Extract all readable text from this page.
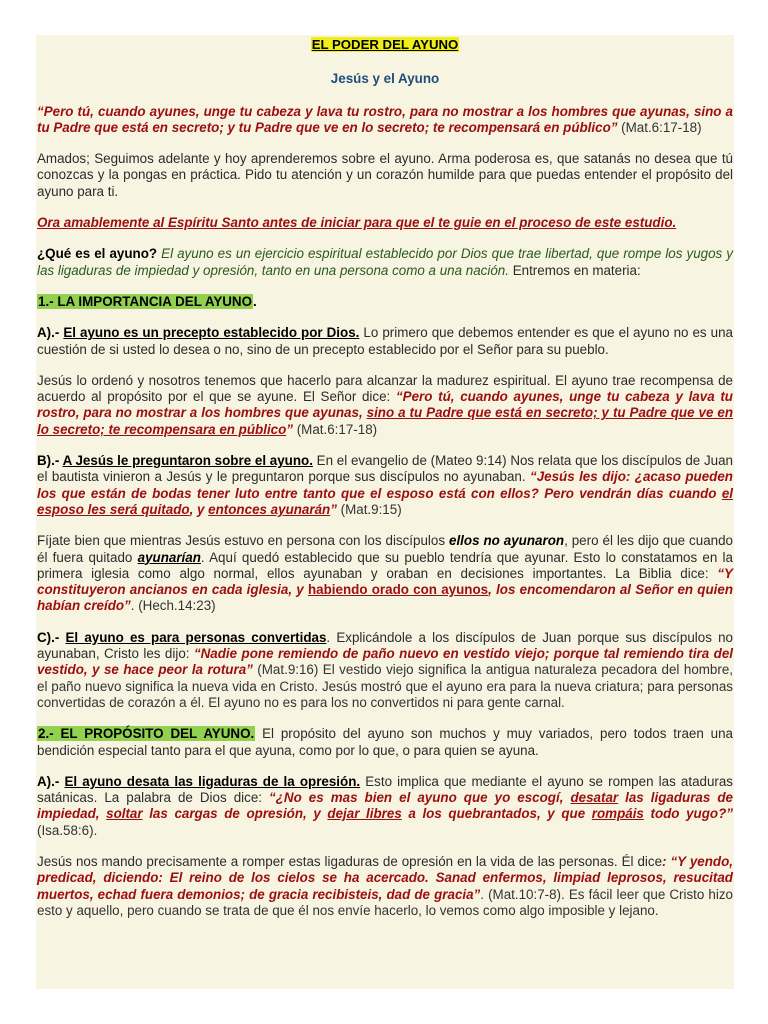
EL PODER DEL AYUNO
Jesús y el Ayuno

“Pero tú, cuando ayunes, unge tu cabeza y lava tu rostro, para no mostrar a los hombres que ayunas, sino a tu Padre que está en secreto; y tu Padre que ve en lo secreto; te recompensará en público” (Mat.6:17-18)

Amados; Seguimos adelante y hoy aprenderemos sobre el ayuno. Arma poderosa es, que satanás no desea que tú conozcas y la pongas en práctica. Pido tu atención y un corazón humilde para que puedas entender el propósito del ayuno para ti.

Ora amablemente al Espíritu Santo antes de iniciar para que el te guie en el proceso de este estudio.

¿Qué es el ayuno? El ayuno es un ejercicio espiritual establecido por Dios que trae libertad, que rompe los yugos y las ligaduras de impiedad y opresión, tanto en una persona como a una nación. Entremos en materia:

1.- LA IMPORTANCIA DEL AYUNO.

A).- El ayuno es un precepto establecido por Dios. Lo primero que debemos entender es que el ayuno no es una cuestión de si usted lo desea o no, sino de un precepto establecido por el Señor para su pueblo.

Jesús lo ordenó y nosotros tenemos que hacerlo para alcanzar la madurez espiritual. El ayuno trae recompensa de acuerdo al propósito por el que se ayune. El Señor dice: “Pero tú, cuando ayunes, unge tu cabeza y lava tu rostro, para no mostrar a los hombres que ayunas, sino a tu Padre que está en secreto; y tu Padre que ve en lo secreto; te recompensara en público” (Mat.6:17-18)

B).- A Jesús le preguntaron sobre el ayuno. En el evangelio de (Mateo 9:14) Nos relata que los discípulos de Juan el bautista vinieron a Jesús y le preguntaron porque sus discípulos no ayunaban. “Jesús les dijo: ¿acaso pueden los que están de bodas tener luto entre tanto que el esposo está con ellos? Pero vendrán días cuando el esposo les será quitado, y entonces ayunarán” (Mat.9:15)

Fíjate bien que mientras Jesús estuvo en persona con los discípulos ellos no ayunaron, pero él les dijo que cuando él fuera quitado ayunarían. Aquí quedó establecido que su pueblo tendría que ayunar. Esto lo constatamos en la primera iglesia como algo normal, ellos ayunaban y oraban en decisiones importantes. La Biblia dice: “Y constituyeron ancianos en cada iglesia, y habiendo orado con ayunos, los encomendaron al Señor en quien habían creído”. (Hech.14:23)

C).- El ayuno es para personas convertidas. Explicándole a los discípulos de Juan porque sus discípulos no ayunaban, Cristo les dijo: “Nadie pone remiendo de paño nuevo en vestido viejo; porque tal remiendo tira del vestido, y se hace peor la rotura” (Mat.9:16) El vestido viejo significa la antigua naturaleza pecadora del hombre, el paño nuevo significa la nueva vida en Cristo. Jesús mostró que el ayuno era para la nueva criatura; para personas convertidas de corazón a él. El ayuno no es para los no convertidos ni para gente carnal.

2.- EL PROPÓSITO DEL AYUNO. El propósito del ayuno son muchos y muy variados, pero todos traen una bendición especial tanto para el que ayuna, como por lo que, o para quien se ayuna.

A).- El ayuno desata las ligaduras de la opresión. Esto implica que mediante el ayuno se rompen las ataduras satánicas. La palabra de Dios dice: “¿No es mas bien el ayuno que yo escogí, desatar las ligaduras de impiedad, soltar las cargas de opresión, y dejar libres a los quebrantados, y que rompáis todo yugo?” (Isa.58:6).

Jesús nos mando precisamente a romper estas ligaduras de opresión en la vida de las personas. Él dice: “Y yendo, predicad, diciendo: El reino de los cielos se ha acercado. Sanad enfermos, limpiad leprosos, resucitad muertos, echad fuera demonios; de gracia recibisteis, dad de gracia”. (Mat.10:7-8). Es fácil leer que Cristo hizo esto y aquello, pero cuando se trata de que él nos envíe hacerlo, lo vemos como algo imposible y lejano.
